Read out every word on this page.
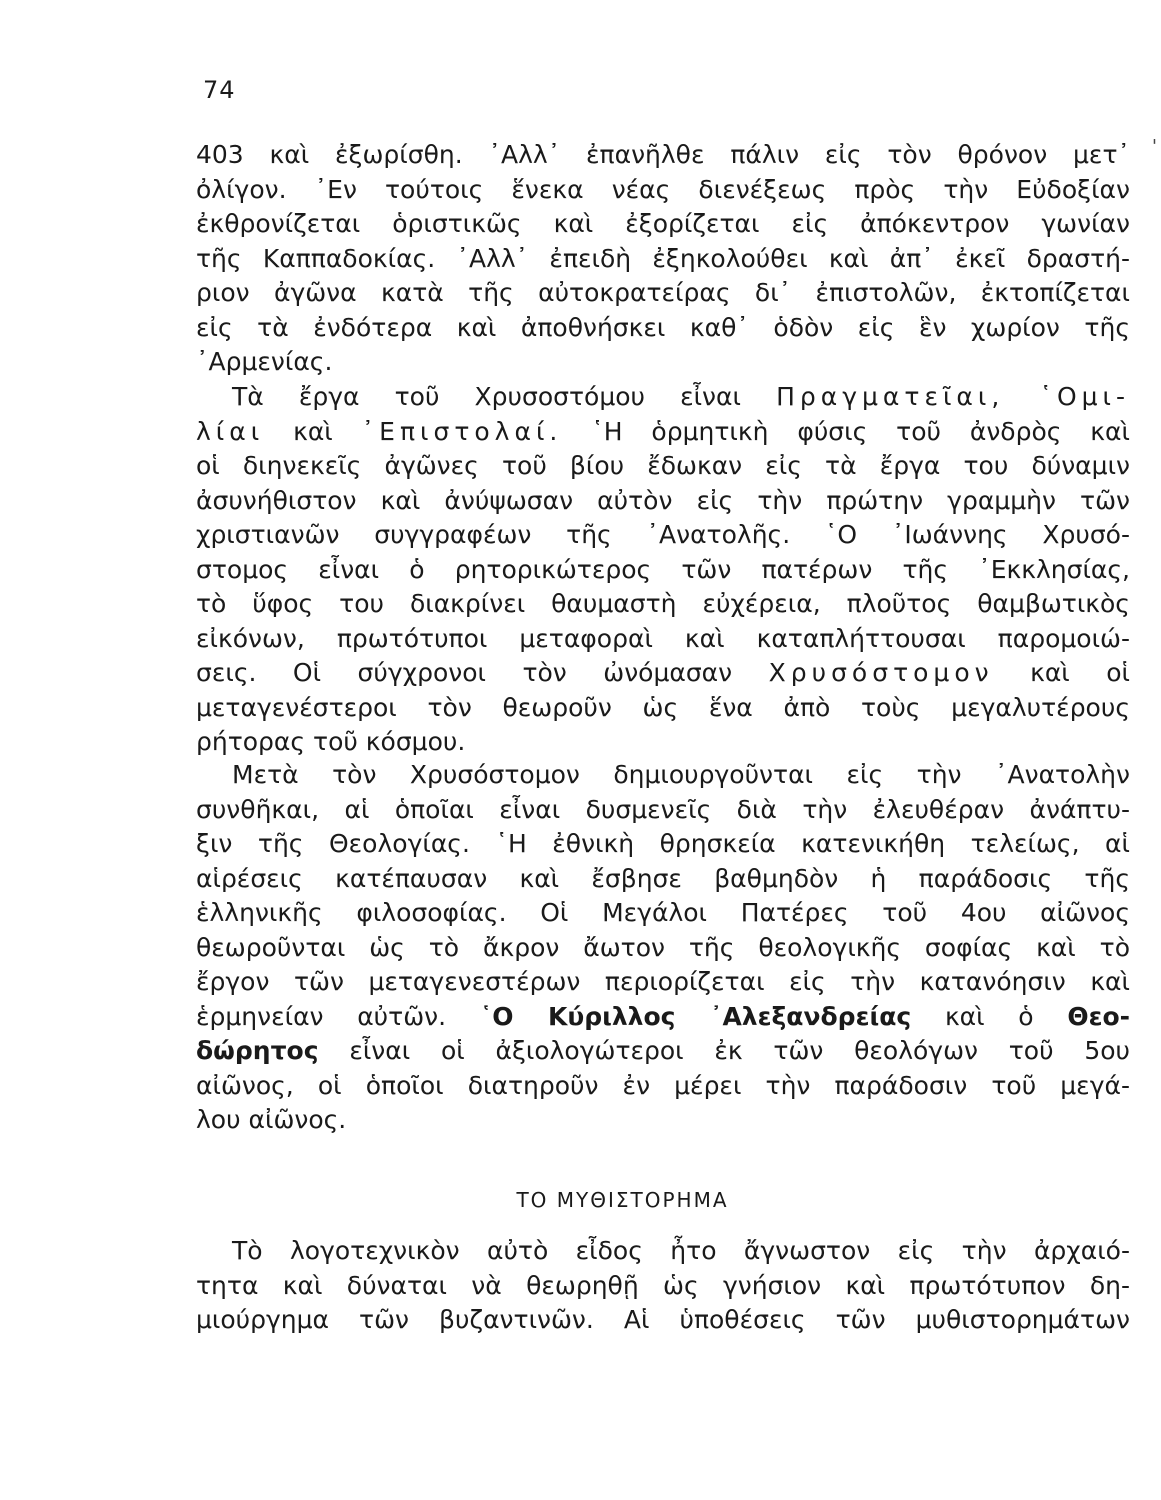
74
403 καὶ ἐξωρίσθη. ᾿Αλλ᾿ ἐπανῆλθε πάλιν εἰς τὸν θρόνον μετ᾿
ὀλίγον. ᾿Εν τούτοις ἕνεκα νέας διενέξεως πρὸς τὴν Εὐδοξίαν
ἐκθρονίζεται ὁριστικῶς καὶ ἐξορίζεται εἰς ἀπόκεντρον γωνίαν
τῆς Καππαδοκίας. ᾿Αλλ᾿ ἐπειδὴ ἐξηκολούθει καὶ ἀπ᾿ ἐκεῖ δραστή-
ριον ἀγῶνα κατὰ τῆς αὐτοκρατείρας δι᾿ ἐπιστολῶν, ἐκτοπίζεται
εἰς τὰ ἐνδότερα καὶ ἀποθνήσκει καθ᾿ ὁδὸν εἰς ἓν χωρίον τῆς
᾿Αρμενίας.
Τὰ ἔργα τοῦ Χρυσοστόμου εἶναι Πραγματεῖαι, ῾Ομι-
λίαι καὶ ᾿Επιστολαί. ῾Η ὁρμητικὴ φύσις τοῦ ἀνδρὸς καὶ
οἱ διηνεκεῖς ἀγῶνες τοῦ βίου ἔδωκαν εἰς τὰ ἔργα του δύναμιν
ἀσυνήθιστον καὶ ἀνύψωσαν αὐτὸν εἰς τὴν πρώτην γραμμὴν τῶν
χριστιανῶν συγγραφέων τῆς ᾿Ανατολῆς. ῾Ο ᾿Ιωάννης Χρυσό-
στομος εἶναι ὁ ρητορικώτερος τῶν πατέρων τῆς ᾿Εκκλησίας,
τὸ ὕφος του διακρίνει θαυμαστὴ εὐχέρεια, πλοῦτος θαμβωτικὸς
εἰκόνων, πρωτότυποι μεταφοραὶ καὶ καταπλήττουσαι παρομοιώ-
σεις. Οἱ σύγχρονοι τὸν ὠνόμασαν Χρυσόστομον καὶ οἱ
μεταγενέστεροι τὸν θεωροῦν ὡς ἕνα ἀπὸ τοὺς μεγαλυτέρους
ρήτορας τοῦ κόσμου.
Μετὰ τὸν Χρυσόστομον δημιουργοῦνται εἰς τὴν ᾿Ανατολὴν
συνθῆκαι, αἱ ὁποῖαι εἶναι δυσμενεῖς διὰ τὴν ἐλευθέραν ἀνάπτυ-
ξιν τῆς Θεολογίας. ῾Η ἐθνικὴ θρησκεία κατενικήθη τελείως, αἱ
αἱρέσεις κατέπαυσαν καὶ ἔσβησε βαθμηδὸν ἡ παράδοσις τῆς
ἑλληνικῆς φιλοσοφίας. Οἱ Μεγάλοι Πατέρες τοῦ 4ου αἰῶνος
θεωροῦνται ὡς τὸ ἄκρον ἄωτον τῆς θεολογικῆς σοφίας καὶ τὸ
ἔργον τῶν μεταγενεστέρων περιορίζεται εἰς τὴν κατανόησιν καὶ
ἑρμηνείαν αὐτῶν. ῾Ο Κύριλλος ᾿Αλεξανδρείας καὶ ὁ Θεο-
δώρητος εἶναι οἱ ἀξιολογώτεροι ἐκ τῶν θεολόγων τοῦ 5ου
αἰῶνος, οἱ ὁποῖοι διατηροῦν ἐν μέρει τὴν παράδοσιν τοῦ μεγά-
λου αἰῶνος.
ΤΟ ΜΥΘΙΣΤΟΡΗΜΑ
Τὸ λογοτεχνικὸν αὐτὸ εἶδος ἦτο ἄγνωστον εἰς τὴν ἀρχαιό-
τητα καὶ δύναται νὰ θεωρηθῇ ὡς γνήσιον καὶ πρωτότυπον δη-
μιούργημα τῶν βυζαντινῶν. Αἱ ὑποθέσεις τῶν μυθιστορημάτων
'
